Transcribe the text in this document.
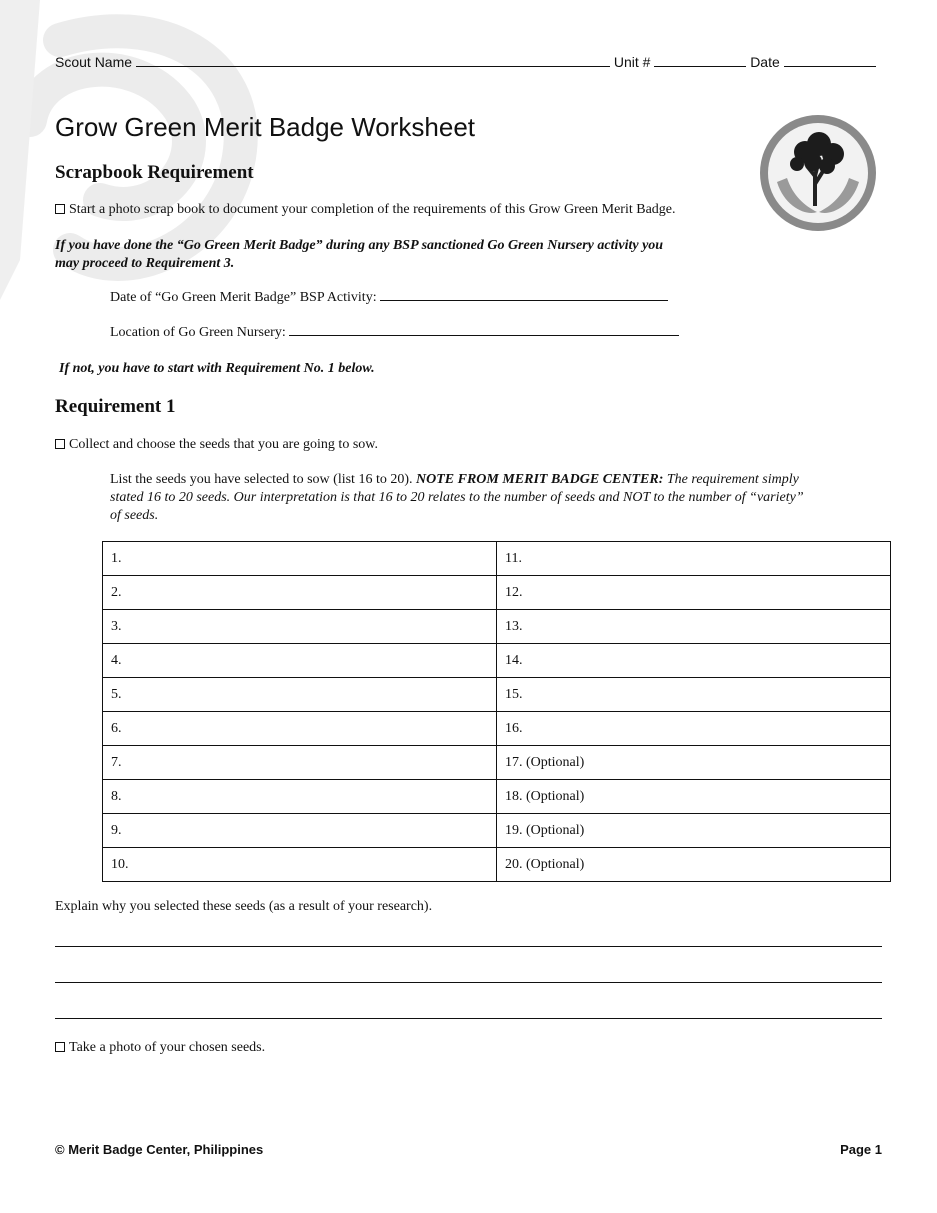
Scout Name	Unit #	Date
Grow Green Merit Badge Worksheet
Scrapbook Requirement
Start a photo scrap book to document your completion of the requirements of this Grow Green Merit Badge.
If you have done the “Go Green Merit Badge” during any BSP sanctioned Go Green Nursery activity you
may proceed to Requirement 3.
Date of “Go Green Merit Badge” BSP Activity:
Location of Go Green Nursery:
If not, you have to start with Requirement No. 1 below.
Requirement 1
Collect and choose the seeds that you are going to sow.
List the seeds you have selected to sow (list 16 to 20). NOTE FROM MERIT BADGE CENTER: The requirement simply
stated 16 to 20 seeds. Our interpretation is that 16 to 20 relates to the number of seeds and NOT to the number of “variety”
of seeds.
1.	11.
2.	12.
3.	13.
4.	14.
5.	15.
6.	16.
7.	17. (Optional)
8.	18. (Optional)
9.	19. (Optional)
10.	20. (Optional)
Explain why you selected these seeds (as a result of your research).
Take a photo of your chosen seeds.
© Merit Badge Center, Philippines	Page 1
